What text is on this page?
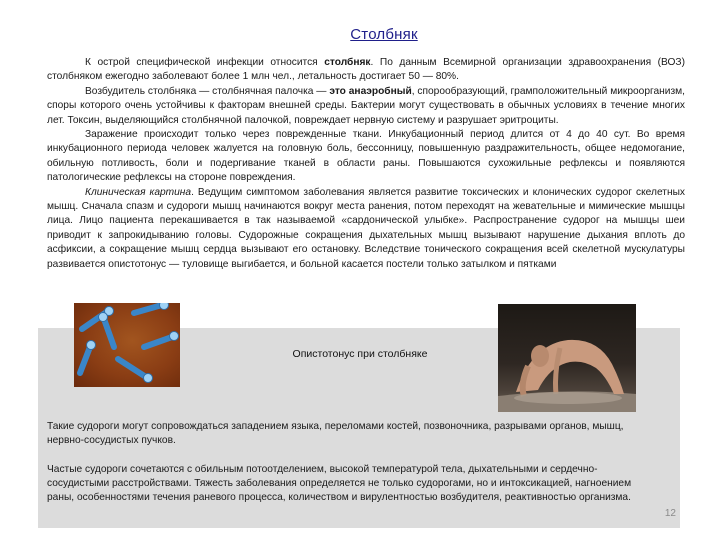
Столбняк

К острой специфической инфекции относится столбняк. По данным Всемирной организации здравоохранения (ВОЗ) столбняком ежегодно заболевают более 1 млн чел., летальность достигает 50 — 80%.

Возбудитель столбняка — столбнячная палочка — это анаэробный, спорообразующий, грамположительный микроорганизм, споры которого очень устойчивы к факторам внешней среды. Бактерии могут существовать в обычных условиях в течение многих лет. Токсин, выделяющийся столбнячной палочкой, повреждает нервную систему и разрушает эритроциты.

Заражение происходит только через поврежденные ткани. Инкубационный период длится от 4 до 40 сут. Во время инкубационного периода человек жалуется на головную боль, бессонницу, повышенную раздражительность, общее недомогание, обильную потливость, боли и подергивание тканей в области раны. Повышаются сухожильные рефлексы и появляются патологические рефлексы на стороне повреждения.

Клиническая картина. Ведущим симптомом заболевания является развитие токсических и клонических судорог скелетных мышц. Сначала спазм и судороги мышц начинаются вокруг места ранения, потом переходят на жевательные и мимические мышцы лица. Лицо пациента перекашивается в так называемой «сардонической улыбке». Распространение судорог на мышцы шеи приводит к запрокидыванию головы. Судорожные сокращения дыхательных мышц вызывают нарушение дыхания вплоть до асфиксии, а сокращение мышц сердца вызывают его остановку. Вследствие тонического сокращения всей скелетной мускулатуры развивается опистотонус — туловище выгибается, и больной касается постели только затылком и пятками

Опистотонус при столбняке
Такие судороги могут сопровождаться западением языка, переломами костей, позвоночника, разрывами органов, мышц, нервно-сосудистых пучков.
Частые судороги сочетаются с обильным потоотделением, высокой температурой тела, дыхательными и сердечно-сосудистыми расстройствами. Тяжесть заболевания определяется не только судорогами, но и интоксикацией, нагноением раны, особенностями течения раневого процесса, количеством и вирулентностью возбудителя, реактивностью организма.
12
